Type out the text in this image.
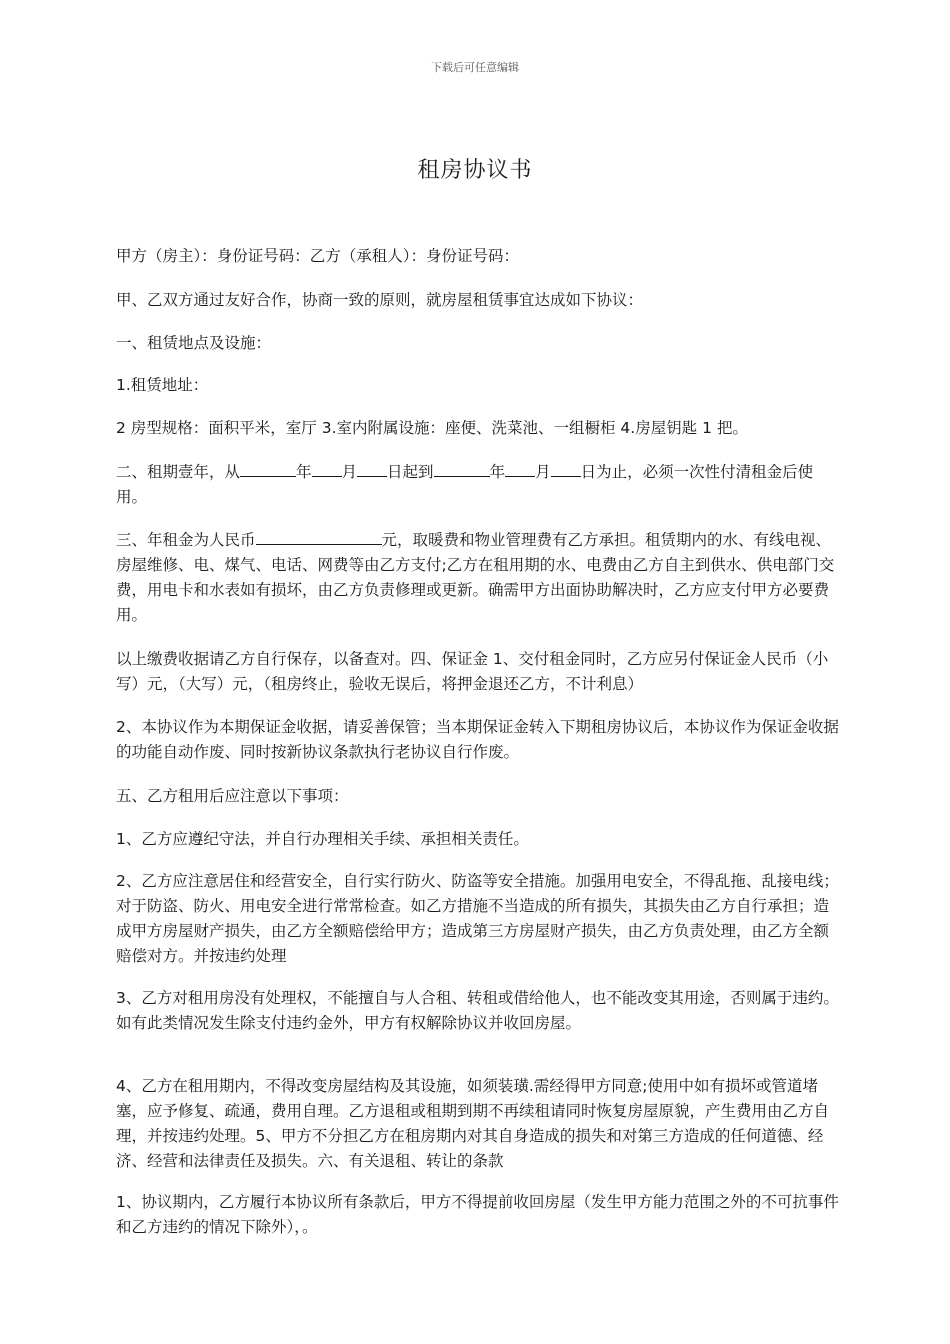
下载后可任意编辑
租房协议书

甲方（房主）：身份证号码：乙方（承租人）：身份证号码：

甲、乙双方通过友好合作，协商一致的原则，就房屋租赁事宜达成如下协议：

一、租赁地点及设施：

1.租赁地址：

2 房型规格：面积平米，室厅 3.室内附属设施：座便、洗菜池、一组橱柜 4.房屋钥匙 1 把。

二、租期壹年，从	年 月 日起到	年 月 日为止，必须一次性付清租金后使用。

三、年租金为人民币	元，取暖费和物业管理费有乙方承担。租赁期内的水、有线电视、房屋维修、电、煤气、电话、网费等由乙方支付;乙方在租用期的水、电费由乙方自主到供水、供电部门交费，用电卡和水表如有损坏，由乙方负责修理或更新。确需甲方出面协助解决时，乙方应支付甲方必要费用。

以上缴费收据请乙方自行保存，以备查对。四、保证金 1、交付租金同时，乙方应另付保证金人民币（小写）元，（大写）元，（租房终止，验收无误后，将押金退还乙方，不计利息）

2、本协议作为本期保证金收据，请妥善保管；当本期保证金转入下期租房协议后，本协议作为保证金收据的功能自动作废、同时按新协议条款执行老协议自行作废。

五、乙方租用后应注意以下事项：

1、乙方应遵纪守法，并自行办理相关手续、承担相关责任。

2、乙方应注意居住和经营安全，自行实行防火、防盗等安全措施。加强用电安全，不得乱拖、乱接电线；对于防盗、防火、用电安全进行常常检查。如乙方措施不当造成的所有损失，其损失由乙方自行承担；造成甲方房屋财产损失，由乙方全额赔偿给甲方；造成第三方房屋财产损失，由乙方负责处理，由乙方全额赔偿对方。并按违约处理

3、乙方对租用房没有处理权，不能擅自与人合租、转租或借给他人，也不能改变其用途，否则属于违约。如有此类情况发生除支付违约金外，甲方有权解除协议并收回房屋。

4、乙方在租用期内，不得改变房屋结构及其设施，如须装璜.需经得甲方同意;使用中如有损坏或管道堵塞，应予修复、疏通，费用自理。乙方退租或租期到期不再续租请同时恢复房屋原貌，产生费用由乙方自理，并按违约处理。5、甲方不分担乙方在租房期内对其自身造成的损失和对第三方造成的任何道德、经济、经营和法律责任及损失。六、有关退租、转让的条款

1、协议期内，乙方履行本协议所有条款后，甲方不得提前收回房屋（发生甲方能力范围之外的不可抗事件和乙方违约的情况下除外），。
